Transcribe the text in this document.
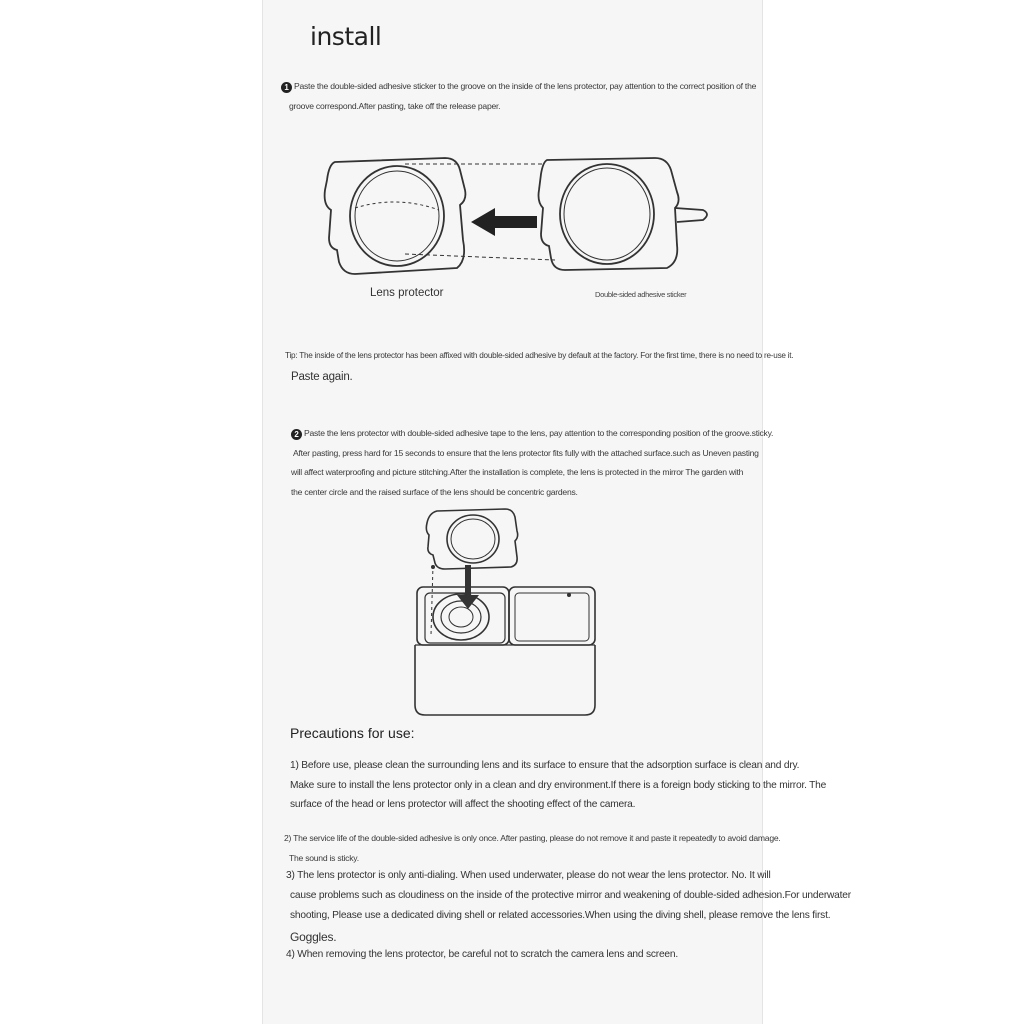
install
1 Paste the double-sided adhesive sticker to the groove on the inside of the lens protector, pay attention to the correct position of the
groove correspond.After pasting, take off the release paper.
Lens protector	Double-sided adhesive sticker
Tip: The inside of the lens protector has been affixed with double-sided adhesive by default at the factory. For the first time, there is no need to re-use it.
Paste again.
2 Paste the lens protector with double-sided adhesive tape to the lens, pay attention to the corresponding position of the groove.sticky.
After pasting, press hard for 15 seconds to ensure that the lens protector fits fully with the attached surface.such as Uneven pasting
will affect waterproofing and picture stitching.After the installation is complete, the lens is protected in the mirror The garden with
the center circle and the raised surface of the lens should be concentric gardens.
Precautions for use:
1) Before use, please clean the surrounding lens and its surface to ensure that the adsorption surface is clean and dry.
Make sure to install the lens protector only in a clean and dry environment.If there is a foreign body sticking to the mirror. The
surface of the head or lens protector will affect the shooting effect of the camera.
2) The service life of the double-sided adhesive is only once. After pasting, please do not remove it and paste it repeatedly to avoid damage.
The sound is sticky.
3) The lens protector is only anti-dialing. When used underwater, please do not wear the lens protector. No. It will
cause problems such as cloudiness on the inside of the protective mirror and weakening of double-sided adhesion.For underwater
shooting, Please use a dedicated diving shell or related accessories.When using the diving shell, please remove the lens first.
Goggles.
4) When removing the lens protector, be careful not to scratch the camera lens and screen.
